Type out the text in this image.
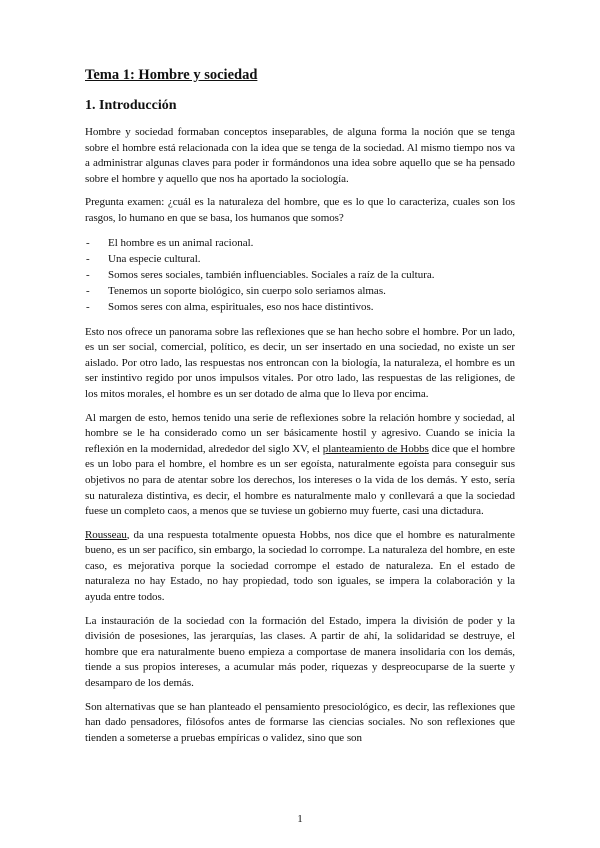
Tema 1: Hombre y sociedad
1. Introducción

Hombre y sociedad formaban conceptos inseparables, de alguna forma la noción que se tenga sobre el hombre está relacionada con la idea que se tenga de la sociedad. Al mismo tiempo nos va a administrar algunas claves para poder ir formándonos una idea sobre aquello que se ha pensado sobre el hombre y aquello que nos ha aportado la sociología.

Pregunta examen: ¿cuál es la naturaleza del hombre, que es lo que lo caracteriza, cuales son los rasgos, lo humano en que se basa, los humanos que somos?

- El hombre es un animal racional.
- Una especie cultural.
- Somos seres sociales, también influenciables. Sociales a raíz de la cultura.
- Tenemos un soporte biológico, sin cuerpo solo seriamos almas.
- Somos seres con alma, espirituales, eso nos hace distintivos.

Esto nos ofrece un panorama sobre las reflexiones que se han hecho sobre el hombre. Por un lado, es un ser social, comercial, político, es decir, un ser insertado en una sociedad, no existe un ser aislado. Por otro lado, las respuestas nos entroncan con la biología, la naturaleza, el hombre es un ser instintivo regido por unos impulsos vitales. Por otro lado, las respuestas de las religiones, de los mitos morales, el hombre es un ser dotado de alma que lo lleva por encima.

Al margen de esto, hemos tenido una serie de reflexiones sobre la relación hombre y sociedad, al hombre se le ha considerado como un ser básicamente hostil y agresivo. Cuando se inicia la reflexión en la modernidad, alrededor del siglo XV, el planteamiento de Hobbs dice que el hombre es un lobo para el hombre, el hombre es un ser egoísta, naturalmente egoísta para conseguir sus objetivos no para de atentar sobre los derechos, los intereses o la vida de los demás. Y esto, sería su naturaleza distintiva, es decir, el hombre es naturalmente malo y conllevará a que la sociedad fuese un completo caos, a menos que se tuviese un gobierno muy fuerte, casi una dictadura.

Rousseau, da una respuesta totalmente opuesta Hobbs, nos dice que el hombre es naturalmente bueno, es un ser pacífico, sin embargo, la sociedad lo corrompe. La naturaleza del hombre, en este caso, es mejorativa porque la sociedad corrompe el estado de naturaleza. En el estado de naturaleza no hay Estado, no hay propiedad, todo son iguales, se impera la colaboración y la ayuda entre todos.

La instauración de la sociedad con la formación del Estado, impera la división de poder y la división de posesiones, las jerarquías, las clases. A partir de ahí, la solidaridad se destruye, el hombre que era naturalmente bueno empieza a comportase de manera insolidaria con los demás, tiende a sus propios intereses, a acumular más poder, riquezas y despreocuparse de la suerte y desamparo de los demás.

Son alternativas que se han planteado el pensamiento presociológico, es decir, las reflexiones que han dado pensadores, filósofos antes de formarse las ciencias sociales. No son reflexiones que tienden a someterse a pruebas empíricas o validez, sino que son

1
